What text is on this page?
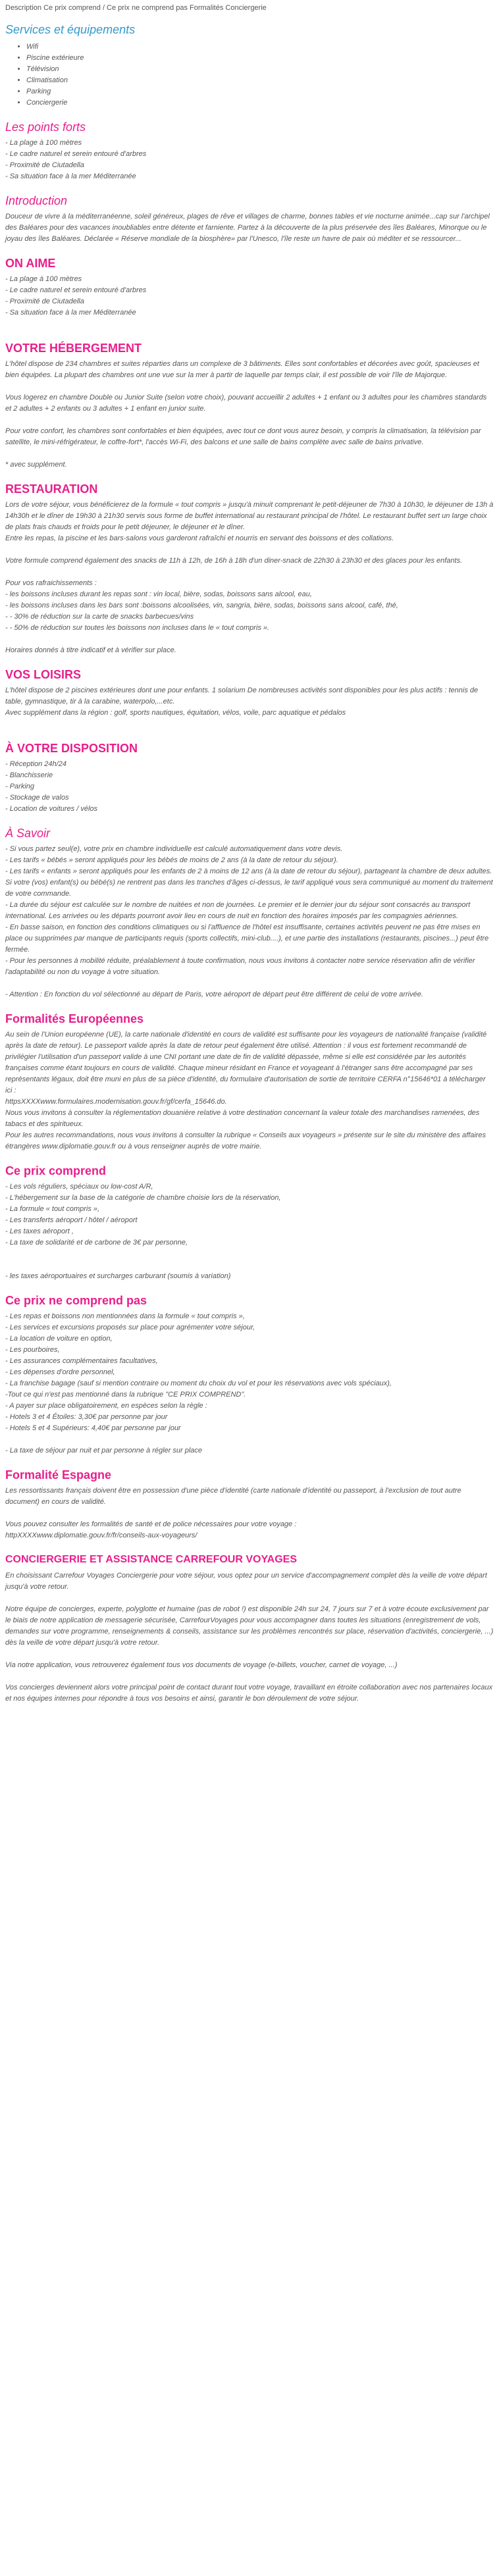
Description Ce prix comprend / Ce prix ne comprend pas Formalités Conciergerie

Services et équipements
• Wifi
• Piscine extérieure
• Télévision
• Climatisation
• Parking
• Conciergerie
Les points forts

- La plage à 100 mètres

- Le cadre naturel et serein entouré d'arbres

- Proximité de Ciutadella

- Sa situation face à la mer Méditerranée

Introduction

Douceur de vivre à la méditerranéenne, soleil généreux, plages de rêve et villages de charme, bonnes tables et vie nocturne animée...cap sur l'archipel des Baléares pour des vacances inoubliables entre détente et farniente. Partez à la découverte de la plus préservée des îles Baléares, Minorque ou le joyau des îles Baléares. Déclarée « Réserve mondiale de la biosphère» par l'Unesco, l'île reste un havre de paix où méditer et se ressourcer...

ON AIME

- La plage à 100 mètres

- Le cadre naturel et serein entouré d'arbres

- Proximité de Ciutadella

- Sa situation face à la mer Méditerranée

VOTRE HÉBERGEMENT

L'hôtel dispose de 234 chambres et suites réparties dans un complexe de 3 bâtiments. Elles sont confortables et décorées avec goût, spacieuses et bien équipées. La plupart des chambres ont une vue sur la mer à partir de laquelle par temps clair, il est possible de voir l'île de Majorque.

Vous logerez en chambre Double ou Junior Suite (selon votre choix), pouvant accueillir 2 adultes + 1 enfant ou 3 adultes pour les chambres standards et 2 adultes + 2 enfants ou 3 adultes + 1 enfant en junior suite.

Pour votre confort, les chambres sont confortables et bien équipées, avec tout ce dont vous aurez besoin, y compris la climatisation, la télévision par satellite, le mini-réfrigérateur, le coffre-fort*, l'accès Wi-Fi, des balcons et une salle de bains complète avec salle de bains privative.

* avec supplément.

RESTAURATION

Lors de votre séjour, vous bénéficierez de la formule « tout compris » jusqu'à minuit comprenant le petit-déjeuner de 7h30 à 10h30, le déjeuner de 13h à 14h30h et le dîner de 19h30 à 21h30 servis sous forme de buffet international au restaurant principal de l'hôtel. Le restaurant buffet sert un large choix de plats frais chauds et froids pour le petit déjeuner, le déjeuner et le dîner.

Entre les repas, la piscine et les bars-salons vous garderont rafraîchi et nourris en servant des boissons et des collations.

Votre formule comprend également des snacks de 11h à 12h, de 16h à 18h d'un diner-snack de 22h30 à 23h30 et des glaces pour les enfants.

Pour vos rafraichissements :

- les boissons incluses durant les repas sont : vin local, bière, sodas, boissons sans alcool, eau,

- les boissons incluses dans les bars sont :boissons alcoolisées, vin, sangria, bière, sodas, boissons sans alcool, café, thé,

- - 30% de réduction sur la carte de snacks barbecues/vins

- - 50% de réduction sur toutes les boissons non incluses dans le « tout compris ».

Horaires donnés à titre indicatif et à vérifier sur place.

VOS LOISIRS

L'hôtel dispose de 2 piscines extérieures dont une pour enfants. 1 solarium De nombreuses activités sont disponibles pour les plus actifs : tennis de table, gymnastique, tir à la carabine, waterpolo,...etc.

Avec supplément dans la région : golf, sports nautiques, équitation, vélos, voile, parc aquatique et pédalos

À VOTRE DISPOSITION

- Réception 24h/24

- Blanchisserie

- Parking

- Stockage de valos

- Location de voitures / vélos

À Savoir

- Si vous partez seul(e), votre prix en chambre individuelle est calculé automatiquement dans votre devis.

- Les tarifs « bébés » seront appliqués pour les bébés de moins de 2 ans (à la date de retour du séjour).

- Les tarifs « enfants » seront appliqués pour les enfants de 2 à moins de 12 ans (à la date de retour du séjour), partageant la chambre de deux adultes.

Si votre (vos) enfant(s) ou bébé(s) ne rentrent pas dans les tranches d'âges ci-dessus, le tarif appliqué vous sera communiqué au moment du traitement de votre commande.

- La durée du séjour est calculée sur le nombre de nuitées et non de journées. Le premier et le dernier jour du séjour sont consacrés au transport international. Les arrivées ou les départs pourront avoir lieu en cours de nuit en fonction des horaires imposés par les compagnies aériennes.

- En basse saison, en fonction des conditions climatiques ou si l'affluence de l'hôtel est insuffisante, certaines activités peuvent ne pas être mises en place ou supprimées par manque de participants requis (sports collectifs, mini-club....), et une partie des installations (restaurants, piscines...) peut être fermée.

- Pour les personnes à mobilité réduite, préalablement à toute confirmation, nous vous invitons à contacter notre service réservation afin de vérifier l'adaptabilité ou non du voyage à votre situation.

- Attention : En fonction du vol sélectionné au départ de Paris, votre aéroport de départ peut être différent de celui de votre arrivée.

Formalités Européennes

Au sein de l'Union européenne (UE), la carte nationale d'identité en cours de validité est suffisante pour les voyageurs de nationalité française (validité après la date de retour). Le passeport valide après la date de retour peut également être utilisé. Attention : il vous est fortement recommandé de privilégier l'utilisation d'un passeport valide à une CNI portant une date de fin de validité dépassée, même si elle est considérée par les autorités françaises comme étant toujours en cours de validité. Chaque mineur résidant en France et voyageant à l'étranger sans être accompagné par ses représentants légaux, doit être muni en plus de sa pièce d'identité, du formulaire d'autorisation de sortie de territoire CERFA n°15646*01 à télécharger ici :

httpsXXXXwww.formulaires.modernisation.gouv.fr/gf/cerfa_15646.do.

Nous vous invitons à consulter la réglementation douanière relative à votre destination concernant la valeur totale des marchandises ramenées, des tabacs et des spiritueux.

Pour les autres recommandations, nous vous invitons à consulter la rubrique « Conseils aux voyageurs » présente sur le site du ministère des affaires étrangères www.diplomatie.gouv.fr ou à vous renseigner auprès de votre mairie.

Ce prix comprend

- Les vols réguliers, spéciaux ou low-cost A/R,

- L'hébergement sur la base de la catégorie de chambre choisie lors de la réservation,

- La formule « tout compris »,

- Les transferts aéroport / hôtel / aéroport

- Les taxes aéroport ,

- La taxe de solidarité et de carbone de 3€ par personne,

- les taxes aéroportuaires et surcharges carburant (soumis à variation)

Ce prix ne comprend pas

- Les repas et boissons non mentionnées dans la formule « tout compris »,

- Les services et excursions proposés sur place pour agrémenter votre séjour,

- La location de voiture en option,

- Les pourboires,

- Les assurances complémentaires facultatives,

- Les dépenses d'ordre personnel,

- La franchise bagage (sauf si mention contraire ou moment du choix du vol et pour les réservations avec vols spéciaux),

-Tout ce qui n'est pas mentionné dans la rubrique "CE PRIX COMPREND".

- A payer sur place obligatoirement, en espèces selon la règle :

- Hotels 3 et 4 Étoiles: 3,30€ par personne par jour

- Hotels 5 et 4 Supérieurs: 4,40€ par personne par jour

- La taxe de séjour par nuit et par personne à régler sur place

Formalité Espagne

Les ressortissants français doivent être en possession d'une pièce d'identité (carte nationale d'identité ou passeport, à l'exclusion de tout autre document) en cours de validité.

Vous pouvez consulter les formalités de santé et de police nécessaires pour votre voyage :

httpXXXXwww.diplomatie.gouv.fr/fr/conseils-aux-voyageurs/

CONCIERGERIE ET ASSISTANCE CARREFOUR VOYAGES

En choisissant Carrefour Voyages Conciergerie pour votre séjour, vous optez pour un service d'accompagnement complet dès la veille de votre départ jusqu'à votre retour.

Notre équipe de concierges, experte, polyglotte et humaine (pas de robot !) est disponible 24h sur 24, 7 jours sur 7 et à votre écoute exclusivement par le biais de notre application de messagerie sécurisée, CarrefourVoyages pour vous accompagner dans toutes les situations (enregistrement de vols, demandes sur votre programme, renseignements & conseils, assistance sur les problèmes rencontrés sur place, réservation d'activités, conciergerie, ...) dès la veille de votre départ jusqu'à votre retour.

Via notre application, vous retrouverez également tous vos documents de voyage (e-billets, voucher, carnet de voyage, ...)

Vos concierges deviennent alors votre principal point de contact durant tout votre voyage, travaillant en étroite collaboration avec nos partenaires locaux et nos équipes internes pour répondre à tous vos besoins et ainsi, garantir le bon déroulement de votre séjour.
